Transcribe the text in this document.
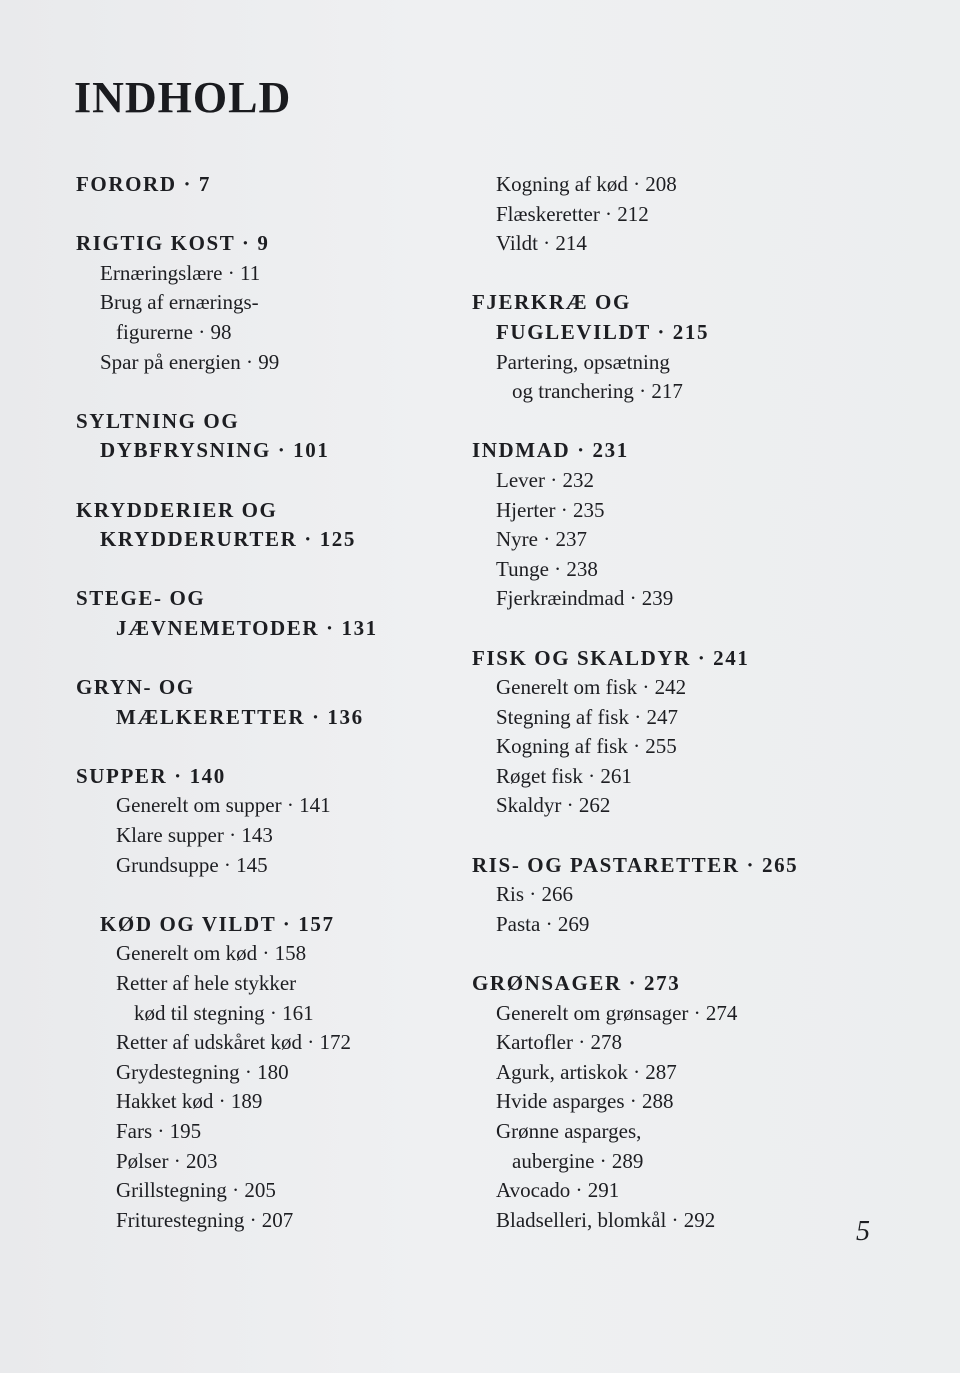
INDHOLD
FORORD · 7
RIGTIG KOST · 9
Ernæringslære · 11
Brug af ernærings-
figurerne · 98
Spar på energien · 99
SYLTNING OG
DYBFRYSNING · 101
KRYDDERIER OG
KRYDDERURTER · 125
STEGE- OG
JÆVNEMETODER · 131
GRYN- OG
MÆLKERETTER · 136
SUPPER · 140
Generelt om supper · 141
Klare supper · 143
Grundsuppe · 145
KØD OG VILDT · 157
Generelt om kød · 158
Retter af hele stykker
kød til stegning · 161
Retter af udskåret kød · 172
Grydestegning · 180
Hakket kød · 189
Fars · 195
Pølser · 203
Grillstegning · 205
Friturestegning · 207
Kogning af kød · 208
Flæskeretter · 212
Vildt · 214
FJERKRÆ OG
FUGLEVILDT · 215
Partering, opsætning
og tranchering · 217
INDMAD · 231
Lever · 232
Hjerter · 235
Nyre · 237
Tunge · 238
Fjerkræindmad · 239
FISK OG SKALDYR · 241
Generelt om fisk · 242
Stegning af fisk · 247
Kogning af fisk · 255
Røget fisk · 261
Skaldyr · 262
RIS- OG PASTARETTER · 265
Ris · 266
Pasta · 269
GRØNSAGER · 273
Generelt om grønsager · 274
Kartofler · 278
Agurk, artiskok · 287
Hvide asparges · 288
Grønne asparges,
aubergine · 289
Avocado · 291
Bladselleri, blomkål · 292	5
